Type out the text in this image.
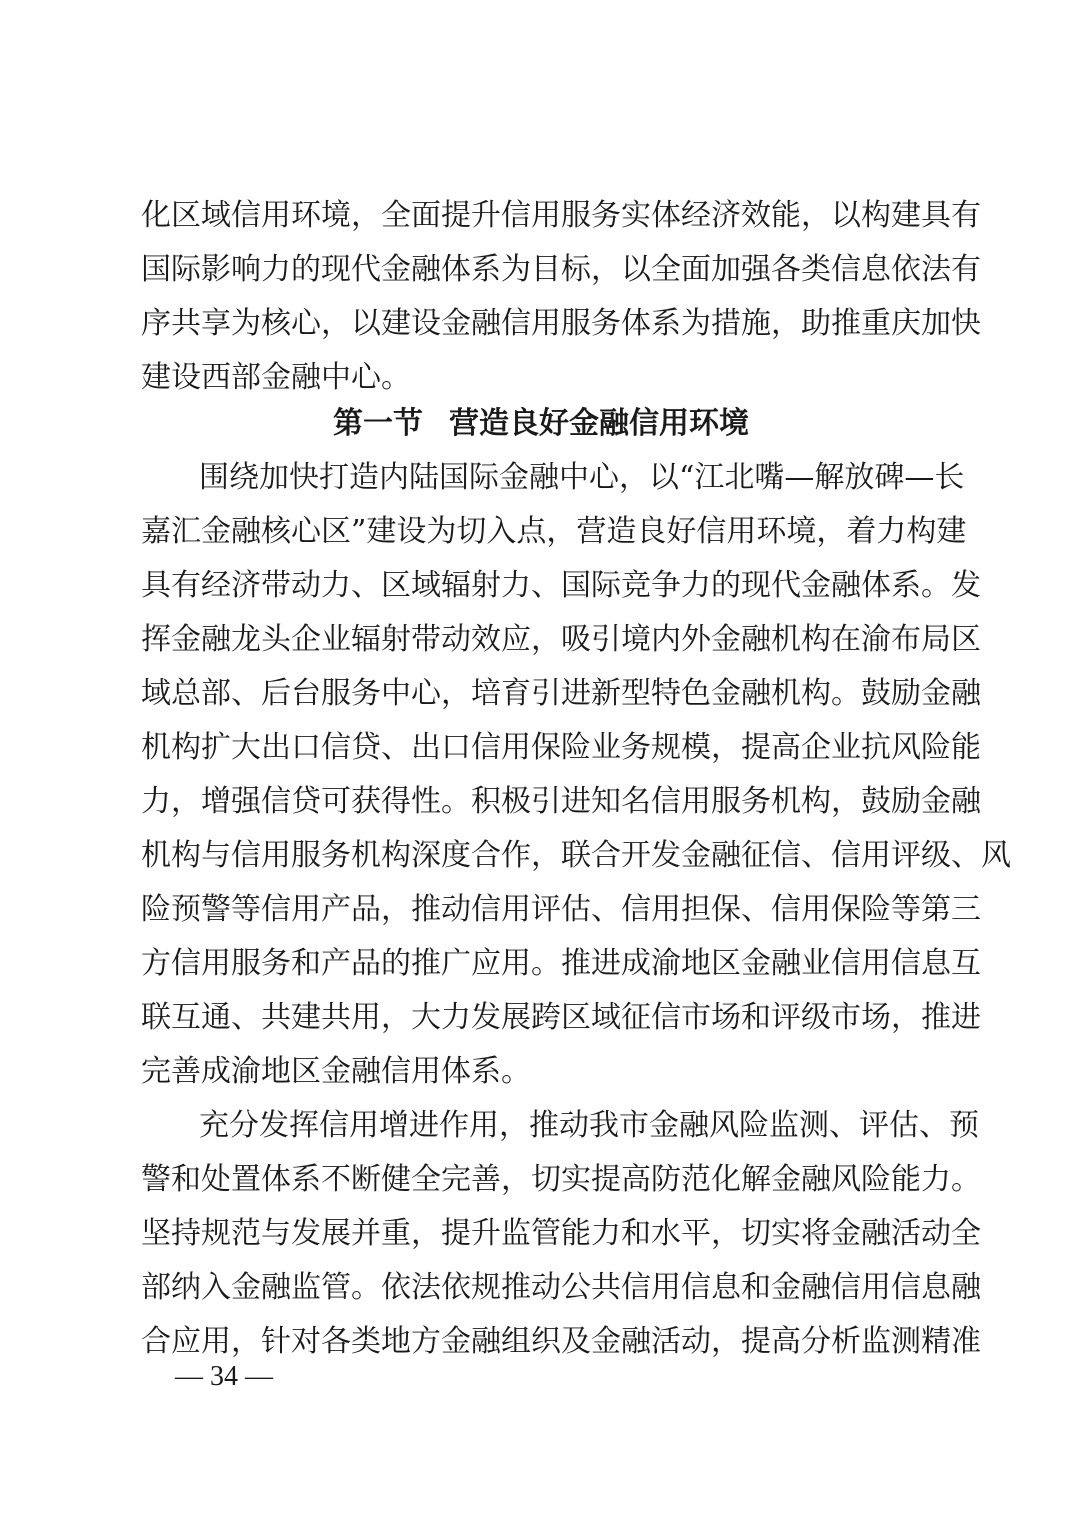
化区域信用环境，全面提升信用服务实体经济效能，以构建具有
国际影响力的现代金融体系为目标，以全面加强各类信息依法有
序共享为核心，以建设金融信用服务体系为措施，助推重庆加快
建设西部金融中心。
第一节 营造良好金融信用环境
围绕加快打造内陆国际金融中心，以“江北嘴—解放碑—长
嘉汇金融核心区”建设为切入点，营造良好信用环境，着力构建
具有经济带动力、区域辐射力、国际竞争力的现代金融体系。发
挥金融龙头企业辐射带动效应，吸引境内外金融机构在渝布局区
域总部、后台服务中心，培育引进新型特色金融机构。鼓励金融
机构扩大出口信贷、出口信用保险业务规模，提高企业抗风险能
力，增强信贷可获得性。积极引进知名信用服务机构，鼓励金融
机构与信用服务机构深度合作，联合开发金融征信、信用评级、风
险预警等信用产品，推动信用评估、信用担保、信用保险等第三
方信用服务和产品的推广应用。推进成渝地区金融业信用信息互
联互通、共建共用，大力发展跨区域征信市场和评级市场，推进
完善成渝地区金融信用体系。
充分发挥信用增进作用，推动我市金融风险监测、评估、预
警和处置体系不断健全完善，切实提高防范化解金融风险能力。
坚持规范与发展并重，提升监管能力和水平，切实将金融活动全
部纳入金融监管。依法依规推动公共信用信息和金融信用信息融
合应用，针对各类地方金融组织及金融活动，提高分析监测精准
— 34 —
